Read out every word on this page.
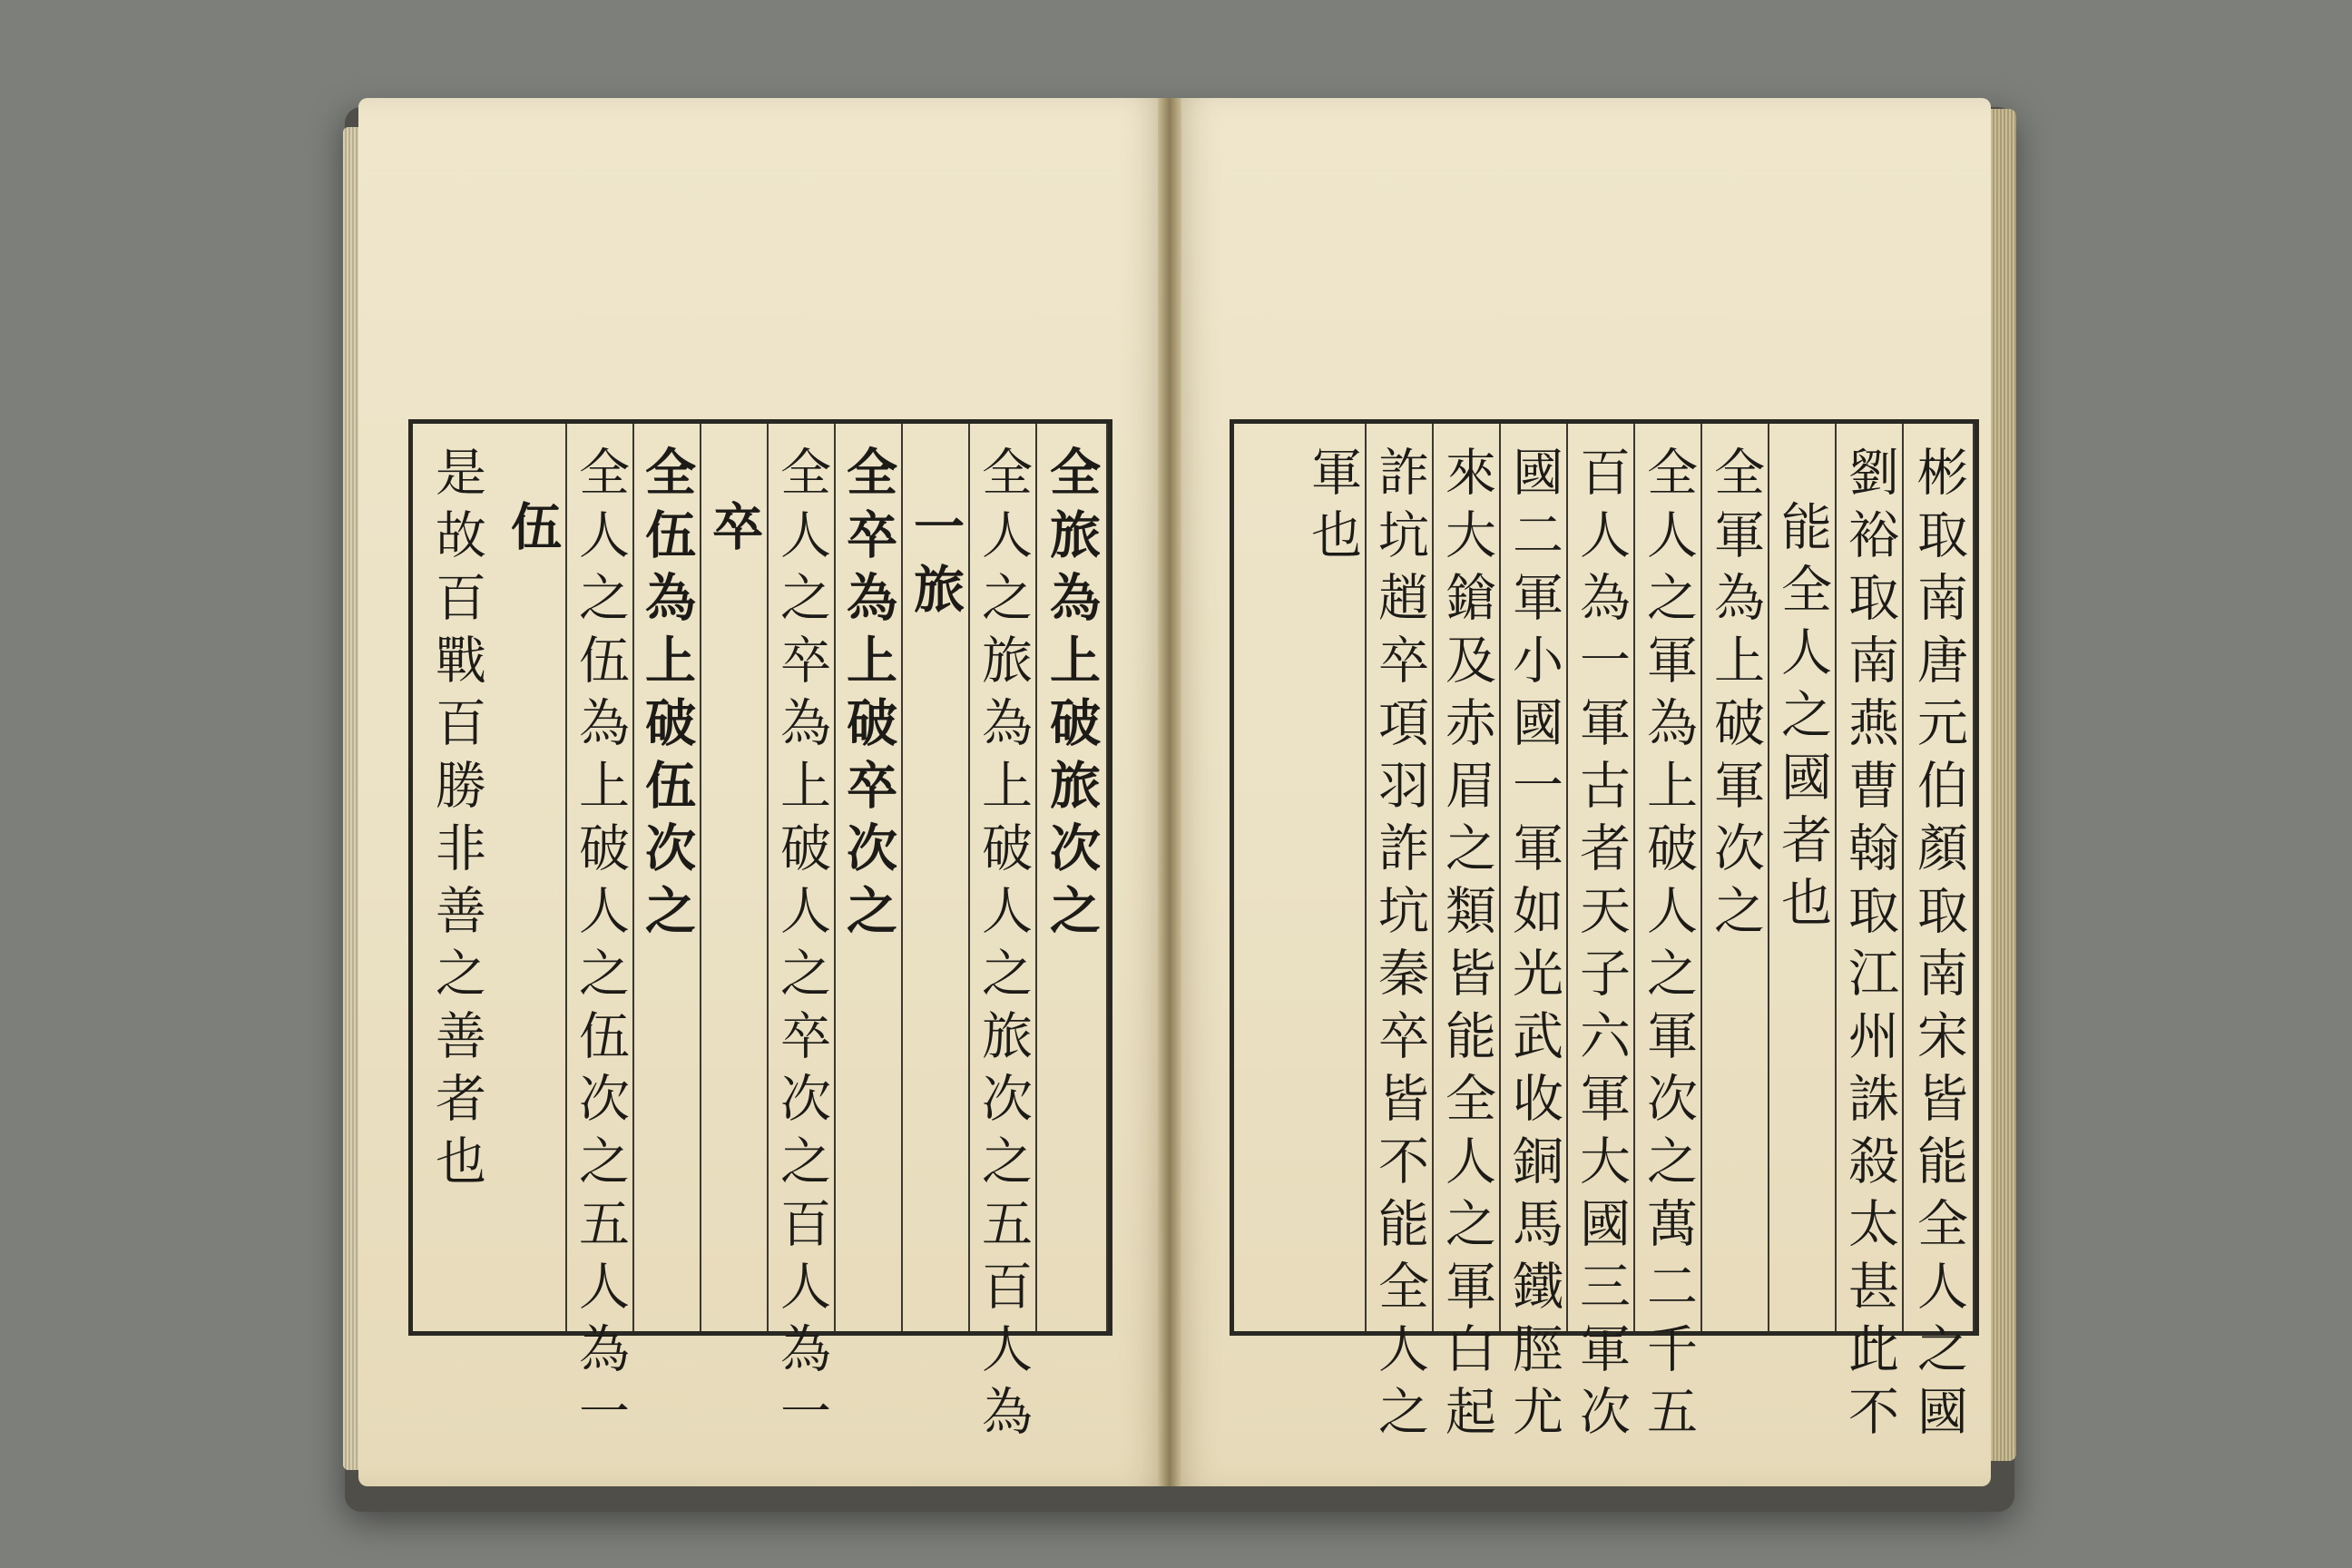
全旅為上破旅次之
全人之旅為上破人之旅次之五百人為
一旅
全卒為上破卒次之
全人之卒為上破人之卒次之百人為一
卒
全伍為上破伍次之
全人之伍為上破人之伍次之五人為一
伍
是故百戰百勝非善之善者也	彬取南唐元伯顏取南宋皆能全人之國
劉裕取南燕曹翰取江州誅殺太甚此不
能全人之國者也
全軍為上破軍次之
全人之軍為上破人之軍次之萬二千五
百人為一軍古者天子六軍大國三軍次
國二軍小國一軍如光武收銅馬鐵脛尤
來大鎗及赤眉之類皆能全人之軍白起
詐坑趙卒項羽詐坑秦卒皆不能全人之
軍也
